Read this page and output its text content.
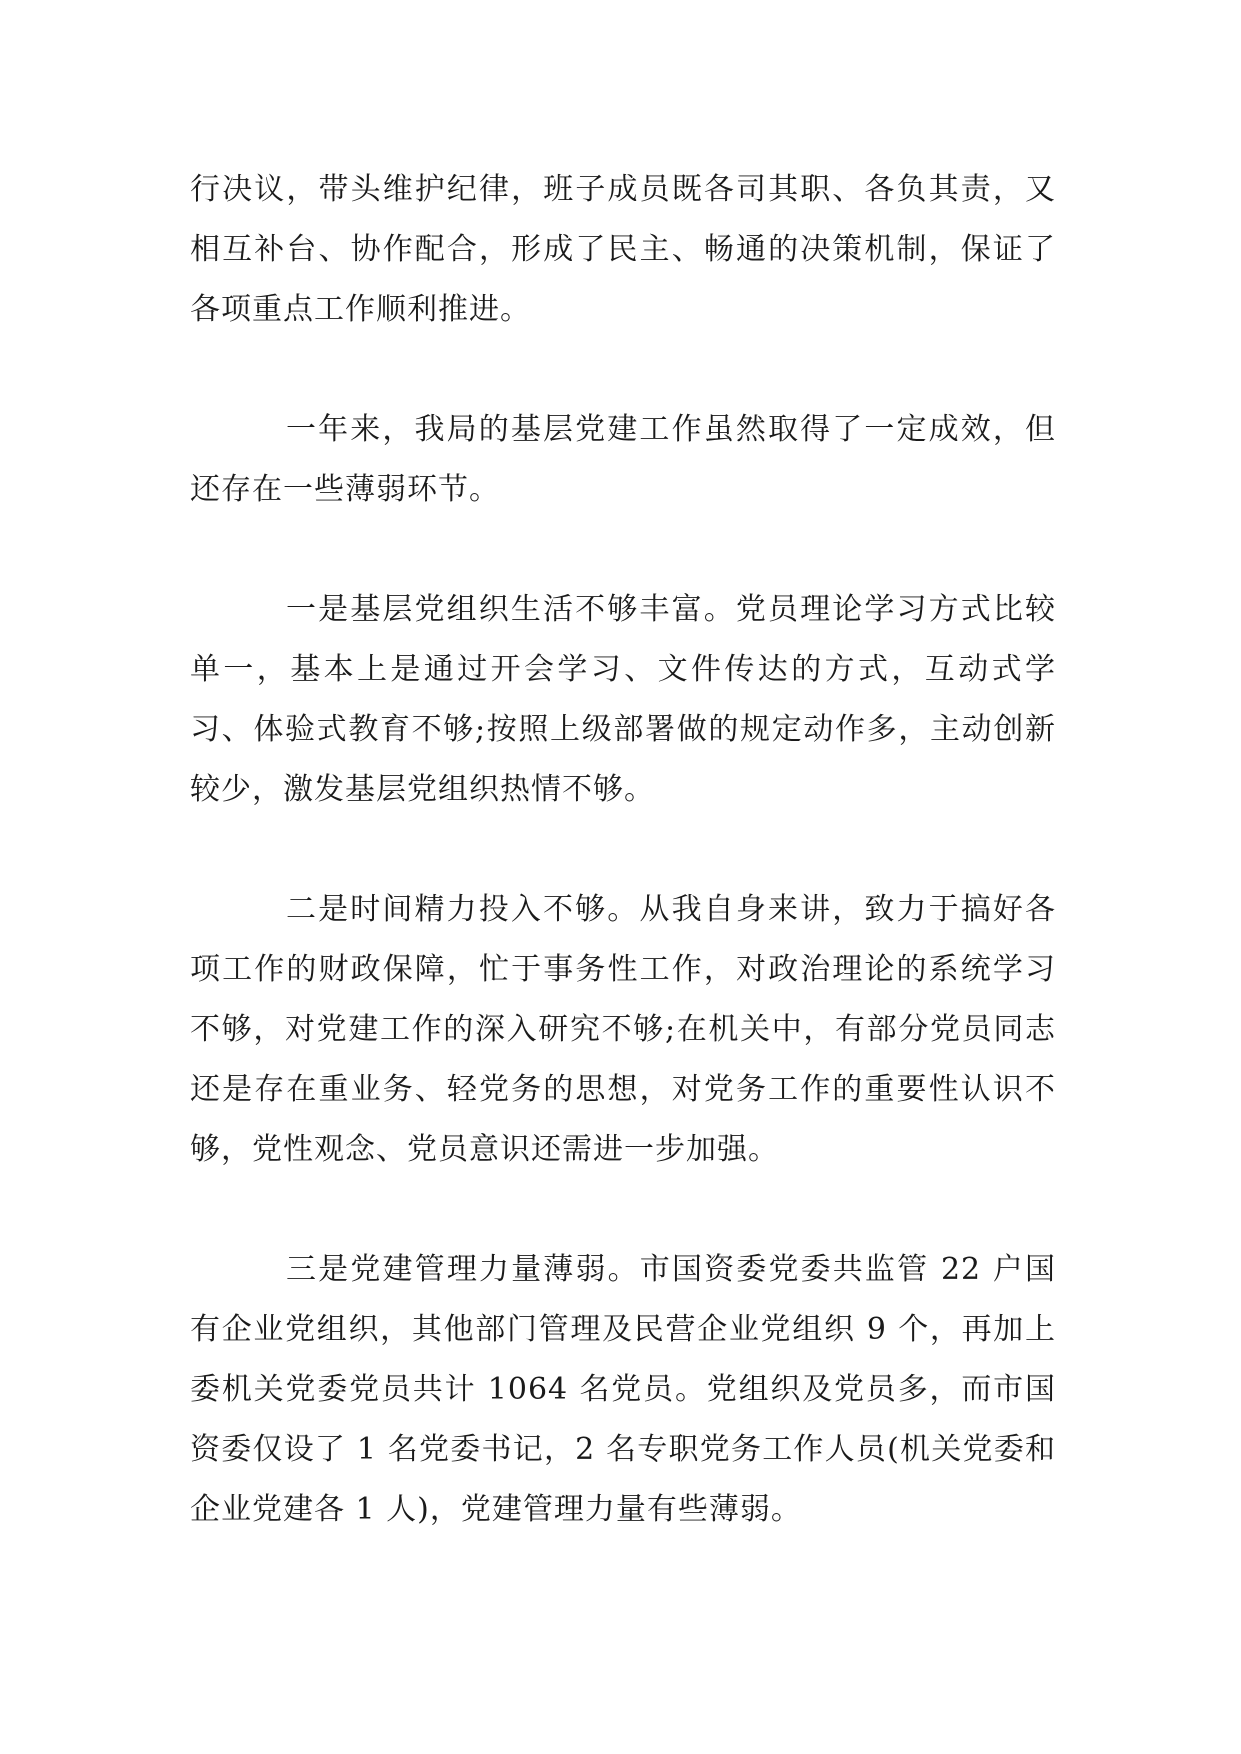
行决议，带头维护纪律，班子成员既各司其职、各负其责，又相互补台、协作配合，形成了民主、畅通的决策机制，保证了各项重点工作顺利推进。

一年来，我局的基层党建工作虽然取得了一定成效，但还存在一些薄弱环节。

一是基层党组织生活不够丰富。党员理论学习方式比较单一，基本上是通过开会学习、文件传达的方式，互动式学习、体验式教育不够;按照上级部署做的规定动作多，主动创新较少，激发基层党组织热情不够。

二是时间精力投入不够。从我自身来讲，致力于搞好各项工作的财政保障，忙于事务性工作，对政治理论的系统学习不够，对党建工作的深入研究不够;在机关中，有部分党员同志还是存在重业务、轻党务的思想，对党务工作的重要性认识不够，党性观念、党员意识还需进一步加强。

三是党建管理力量薄弱。市国资委党委共监管 22 户国有企业党组织，其他部门管理及民营企业党组织 9 个，再加上委机关党委党员共计 1064 名党员。党组织及党员多，而市国资委仅设了 1 名党委书记，2 名专职党务工作人员(机关党委和企业党建各 1 人)，党建管理力量有些薄弱。
